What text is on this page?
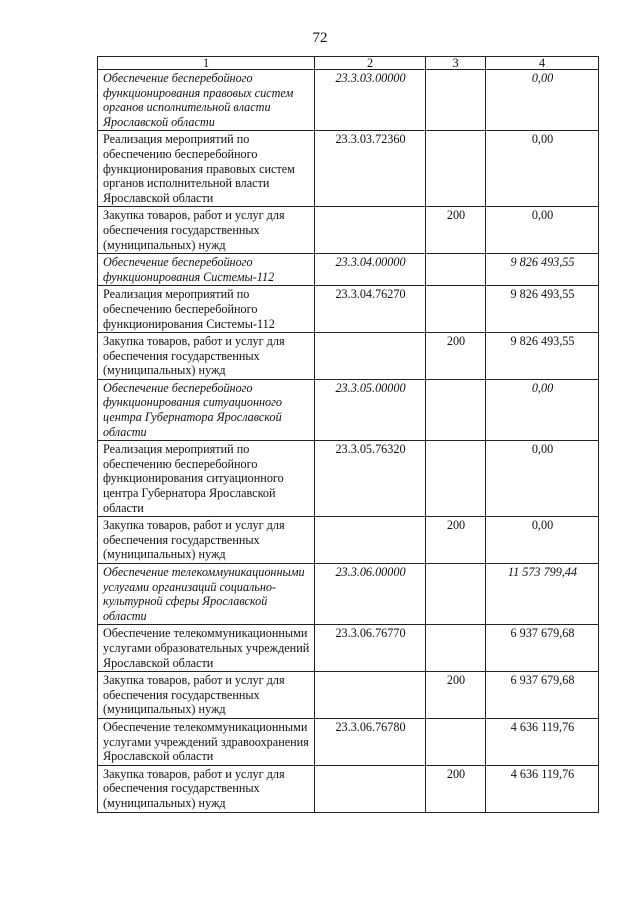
72
1	2	3	4
Обеспечение бесперебойного функционирования правовых систем органов исполнительной власти Ярославской области	23.3.03.00000		0,00
Реализация мероприятий по обеспечению бесперебойного функционирования правовых систем органов исполнительной власти Ярославской области	23.3.03.72360		0,00
Закупка товаров, работ и услуг для обеспечения государственных (муниципальных) нужд		200	0,00
Обеспечение бесперебойного функционирования Системы-112	23.3.04.00000		9 826 493,55
Реализация мероприятий по обеспечению бесперебойного функционирования Системы-112	23.3.04.76270		9 826 493,55
Закупка товаров, работ и услуг для обеспечения государственных (муниципальных) нужд		200	9 826 493,55
Обеспечение бесперебойного функционирования ситуационного центра Губернатора Ярославской области	23.3.05.00000		0,00
Реализация мероприятий по обеспечению бесперебойного функционирования ситуационного центра Губернатора Ярославской области	23.3.05.76320		0,00
Закупка товаров, работ и услуг для обеспечения государственных (муниципальных) нужд		200	0,00
Обеспечение телекоммуникационными услугами организаций социально-культурной сферы Ярославской области	23.3.06.00000		11 573 799,44
Обеспечение телекоммуникационными услугами образовательных учреждений Ярославской области	23.3.06.76770		6 937 679,68
Закупка товаров, работ и услуг для обеспечения государственных (муниципальных) нужд		200	6 937 679,68
Обеспечение телекоммуникационными услугами учреждений здравоохранения Ярославской области	23.3.06.76780		4 636 119,76
Закупка товаров, работ и услуг для обеспечения государственных (муниципальных) нужд		200	4 636 119,76
